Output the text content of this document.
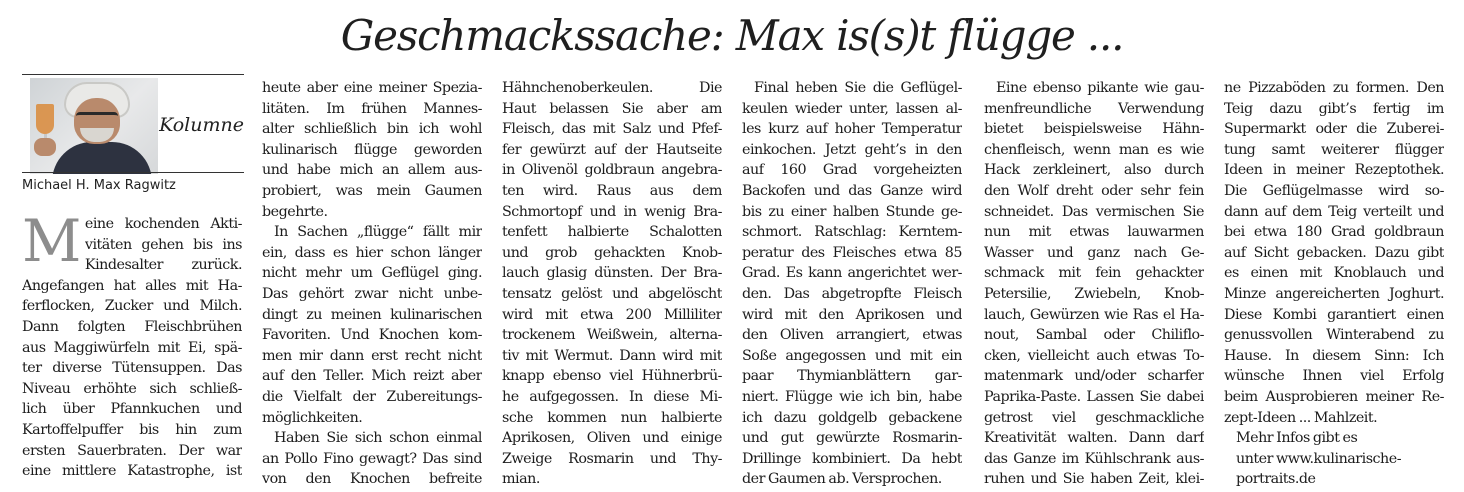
Geschmackssache: Max is(s)t flügge ...
Kolumne
Michael H. Max Ragwitz
M eine kochenden Akti-
vitäten gehen bis ins
Kindesalter zurück.
Angefangen hat alles mit Ha-
ferflocken, Zucker und Milch.
Dann folgten Fleischbrühen
aus Maggiwürfeln mit Ei, spä-
ter diverse Tütensuppen. Das
Niveau erhöhte sich schließ-
lich über Pfannkuchen und
Kartoffelpuffer bis hin zum
ersten Sauerbraten. Der war
eine mittlere Katastrophe, ist
heute aber eine meiner Spezia-
litäten. Im frühen Mannes-
alter schließlich bin ich wohl
kulinarisch flügge geworden
und habe mich an allem aus-
probiert, was mein Gaumen
begehrte.
In Sachen „flügge“ fällt mir
ein, dass es hier schon länger
nicht mehr um Geflügel ging.
Das gehört zwar nicht unbe-
dingt zu meinen kulinarischen
Favoriten. Und Knochen kom-
men mir dann erst recht nicht
auf den Teller. Mich reizt aber
die Vielfalt der Zubereitungs-
möglichkeiten.
Haben Sie sich schon einmal
an Pollo Fino gewagt? Das sind
von den Knochen befreite
Hähnchenoberkeulen. Die
Haut belassen Sie aber am
Fleisch, das mit Salz und Pfef-
fer gewürzt auf der Hautseite
in Olivenöl goldbraun angebra-
ten wird. Raus aus dem
Schmortopf und in wenig Bra-
tenfett halbierte Schalotten
und grob gehackten Knob-
lauch glasig dünsten. Der Bra-
tensatz gelöst und abgelöscht
wird mit etwa 200 Milliliter
trockenem Weißwein, alterna-
tiv mit Wermut. Dann wird mit
knapp ebenso viel Hühnerbrü-
he aufgegossen. In diese Mi-
sche kommen nun halbierte
Aprikosen, Oliven und einige
Zweige Rosmarin und Thy-
mian.
Final heben Sie die Geflügel-
keulen wieder unter, lassen al-
les kurz auf hoher Temperatur
einkochen. Jetzt geht’s in den
auf 160 Grad vorgeheizten
Backofen und das Ganze wird
bis zu einer halben Stunde ge-
schmort. Ratschlag: Kerntem-
peratur des Fleisches etwa 85
Grad. Es kann angerichtet wer-
den. Das abgetropfte Fleisch
wird mit den Aprikosen und
den Oliven arrangiert, etwas
Soße angegossen und mit ein
paar Thymianblättern gar-
niert. Flügge wie ich bin, habe
ich dazu goldgelb gebackene
und gut gewürzte Rosmarin-
Drillinge kombiniert. Da hebt
der Gaumen ab. Versprochen.
Eine ebenso pikante wie gau-
menfreundliche Verwendung
bietet beispielsweise Hähn-
chenfleisch, wenn man es wie
Hack zerkleinert, also durch
den Wolf dreht oder sehr fein
schneidet. Das vermischen Sie
nun mit etwas lauwarmen
Wasser und ganz nach Ge-
schmack mit fein gehackter
Petersilie, Zwiebeln, Knob-
lauch, Gewürzen wie Ras el Ha-
nout, Sambal oder Chiliflo-
cken, vielleicht auch etwas To-
matenmark und/oder scharfer
Paprika-Paste. Lassen Sie dabei
getrost viel geschmackliche
Kreativität walten. Dann darf
das Ganze im Kühlschrank aus-
ruhen und Sie haben Zeit, klei-
ne Pizzaböden zu formen. Den
Teig dazu gibt’s fertig im
Supermarkt oder die Zuberei-
tung samt weiterer flügger
Ideen in meiner Rezeptothek.
Die Geflügelmasse wird so-
dann auf dem Teig verteilt und
bei etwa 180 Grad goldbraun
auf Sicht gebacken. Dazu gibt
es einen mit Knoblauch und
Minze angereicherten Joghurt.
Diese Kombi garantiert einen
genussvollen Winterabend zu
Hause. In diesem Sinn: Ich
wünsche Ihnen viel Erfolg
beim Ausprobieren meiner Re-
zept-Ideen ... Mahlzeit.
Mehr Infos gibt es
unter www.kulinarische-
portraits.de
